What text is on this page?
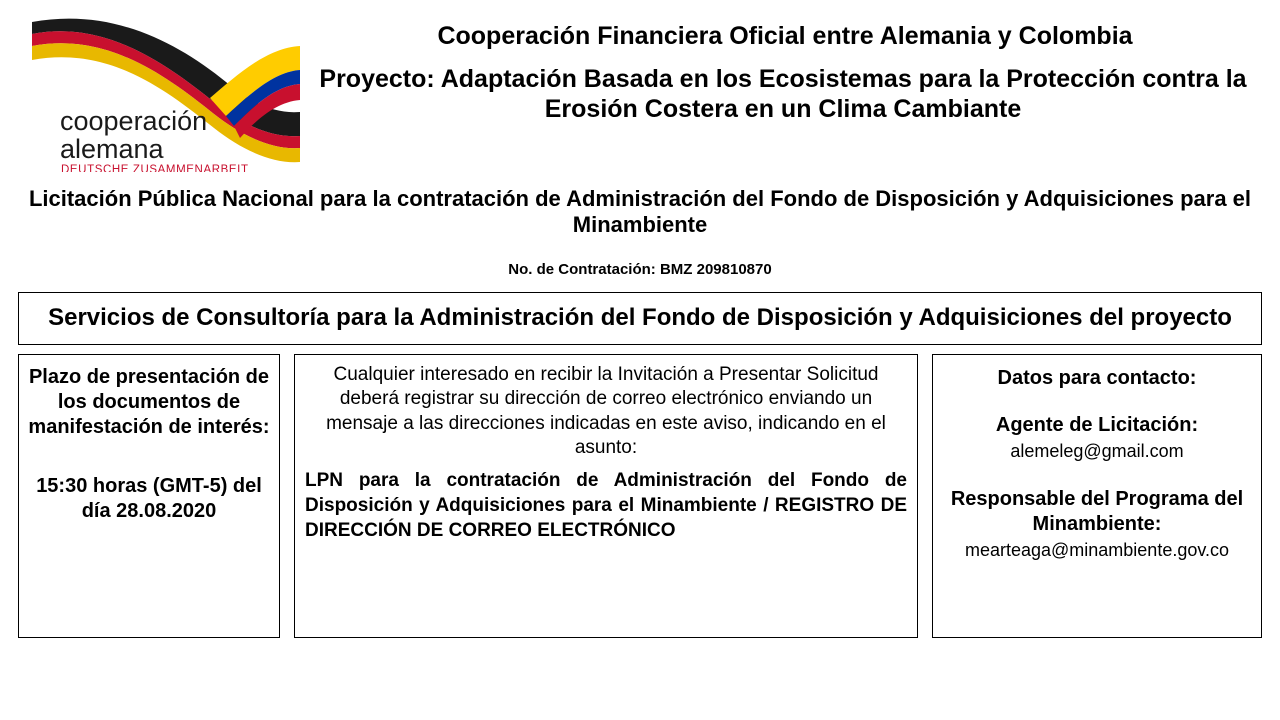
cooperación
alemana
DEUTSCHE ZUSAMMENARBEIT
Cooperación Financiera Oficial entre Alemania y Colombia
Proyecto: Adaptación Basada en los Ecosistemas para la Protección contra la Erosión Costera en un Clima Cambiante
Licitación Pública Nacional para la contratación de Administración del Fondo de Disposición y Adquisiciones para el Minambiente
No. de Contratación: BMZ 209810870
Servicios de Consultoría para la Administración del Fondo de Disposición y Adquisiciones del proyecto
Plazo de presentación de los documentos de manifestación de interés:
15:30 horas (GMT-5) del día 28.08.2020
Cualquier interesado en recibir la Invitación a Presentar Solicitud deberá registrar su dirección de correo electrónico enviando un mensaje a las direcciones indicadas en este aviso, indicando en el asunto:
LPN para la contratación de Administración del Fondo de Disposición y Adquisiciones para el Minambiente / REGISTRO DE DIRECCIÓN DE CORREO ELECTRÓNICO
Datos para contacto:
Agente de Licitación:
alemeleg@gmail.com
Responsable del Programa del Minambiente:
mearteaga@minambiente.gov.co
